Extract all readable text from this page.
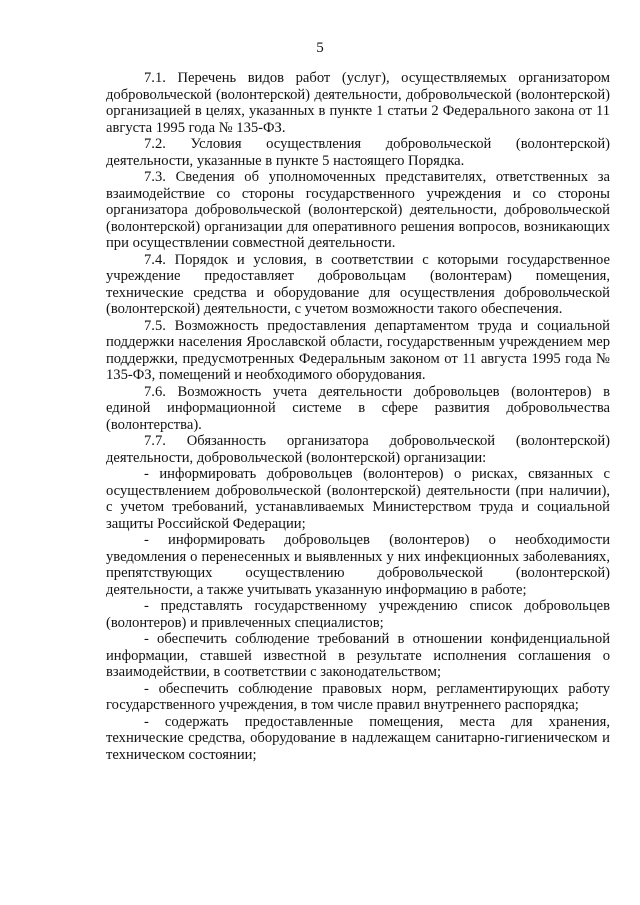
5

7.1. Перечень видов работ (услуг), осуществляемых организатором добровольческой (волонтерской) деятельности, добровольческой (волонтерской) организацией в целях, указанных в пункте 1 статьи 2 Федерального закона от 11 августа 1995 года № 135-ФЗ.

7.2. Условия осуществления добровольческой (волонтерской) деятельности, указанные в пункте 5 настоящего Порядка.

7.3. Сведения об уполномоченных представителях, ответственных за взаимодействие со стороны государственного учреждения и со стороны организатора добровольческой (волонтерской) деятельности, добровольческой (волонтерской) организации для оперативного решения вопросов, возникающих при осуществлении совместной деятельности.

7.4. Порядок и условия, в соответствии с которыми государственное учреждение предоставляет добровольцам (волонтерам) помещения, технические средства и оборудование для осуществления добровольческой (волонтерской) деятельности, с учетом возможности такого обеспечения.

7.5. Возможность предоставления департаментом труда и социальной поддержки населения Ярославской области, государственным учреждением мер поддержки, предусмотренных Федеральным законом от 11 августа 1995 года № 135-ФЗ, помещений и необходимого оборудования.

7.6. Возможность учета деятельности добровольцев (волонтеров) в единой информационной системе в сфере развития добровольчества (волонтерства).

7.7. Обязанность организатора добровольческой (волонтерской) деятельности, добровольческой (волонтерской) организации:

- информировать добровольцев (волонтеров) о рисках, связанных с осуществлением добровольческой (волонтерской) деятельности (при наличии), с учетом требований, устанавливаемых Министерством труда и социальной защиты Российской Федерации;

- информировать добровольцев (волонтеров) о необходимости уведомления о перенесенных и выявленных у них инфекционных заболеваниях, препятствующих осуществлению добровольческой (волонтерской) деятельности, а также учитывать указанную информацию в работе;

- представлять государственному учреждению список добровольцев (волонтеров) и привлеченных специалистов;

- обеспечить соблюдение требований в отношении конфиденциальной информации, ставшей известной в результате исполнения соглашения о взаимодействии, в соответствии с законодательством;

- обеспечить соблюдение правовых норм, регламентирующих работу государственного учреждения, в том числе правил внутреннего распорядка;

- содержать предоставленные помещения, места для хранения, технические средства, оборудование в надлежащем санитарно-гигиеническом и техническом состоянии;
